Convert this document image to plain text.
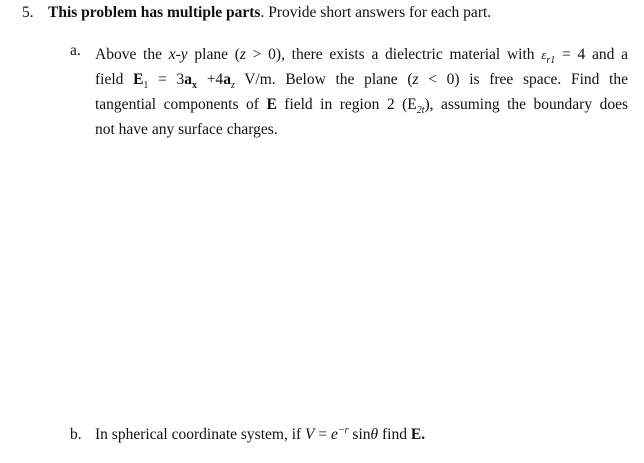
5. This problem has multiple parts. Provide short answers for each part.
a. Above the x-y plane (z > 0), there exists a dielectric material with $\varepsilon_{r1} = 4$ and a

field $E_1 = 3a_x +4a_z$ V/m. Below the plane (z < 0) is free space. Find the

tangential components of E field in region 2 $(E_{2t})$, assuming the boundary does

not have any surface charges.

b. In spherical coordinate system, if $V = e^{-r}$ sinθ find E.
